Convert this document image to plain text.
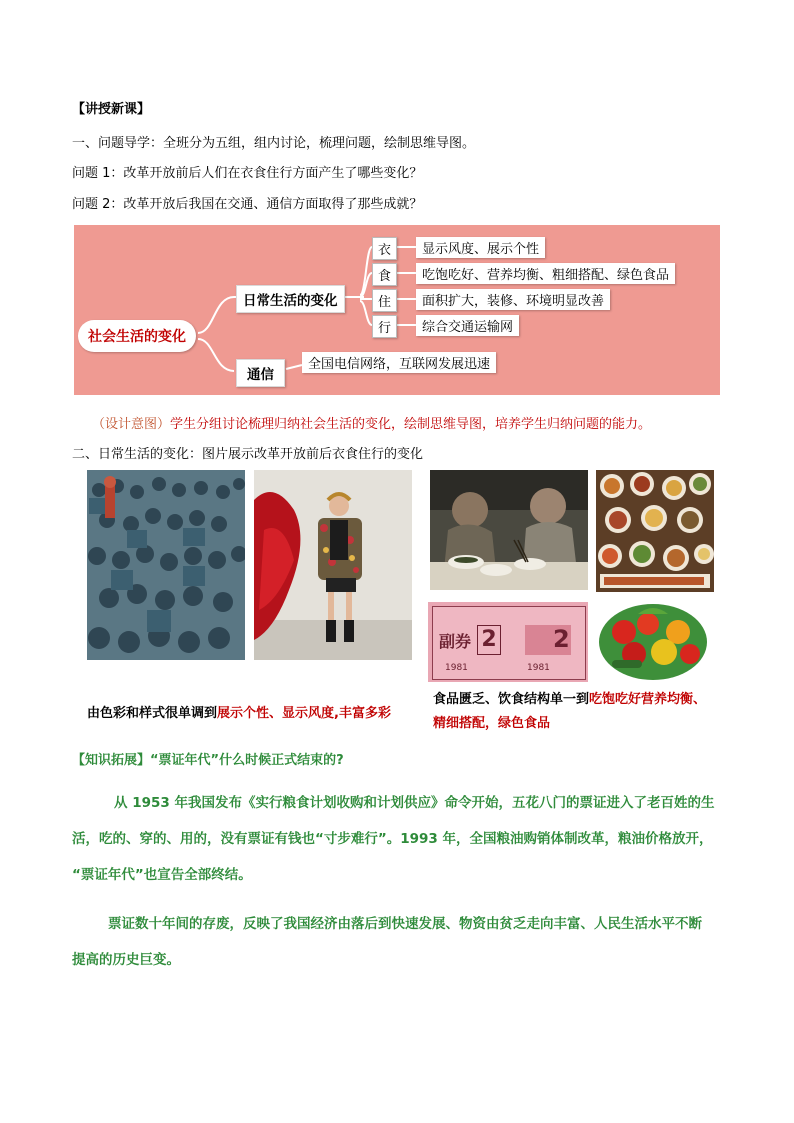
【讲授新课】
一、问题导学：全班分为五组，组内讨论，梳理问题，绘制思维导图。
问题 1：改革开放前后人们在衣食住行方面产生了哪些变化？
问题 2：改革开放后我国在交通、通信方面取得了那些成就？
社会生活的变化
日常生活的变化
通信
衣
食
住
行
显示风度、展示个性
吃饱吃好、营养均衡、粗细搭配、绿色食品
面积扩大，装修、环境明显改善
综合交通运输网
全国电信网络，互联网发展迅速
（设计意图）学生分组讨论梳理归纳社会生活的变化，绘制思维导图，培养学生归纳问题的能力。
二、日常生活的变化：图片展示改革开放前后衣食住行的变化
由色彩和样式很单调到展示个性、显示风度,丰富多彩
副券 2 2
1981	1981
食品匮乏、饮食结构单一到吃饱吃好营养均衡、
精细搭配，绿色食品
【知识拓展】“票证年代”什么时候正式结束的?
从 1953 年我国发布《实行粮食计划收购和计划供应》命令开始，五花八门的票证进入了老百姓的生
活，吃的、穿的、用的，没有票证有钱也“寸步难行”。1993 年，全国粮油购销体制改革，粮油价格放开，
“票证年代”也宣告全部终结。
票证数十年间的存废，反映了我国经济由落后到快速发展、物资由贫乏走向丰富、人民生活水平不断
提高的历史巨变。
